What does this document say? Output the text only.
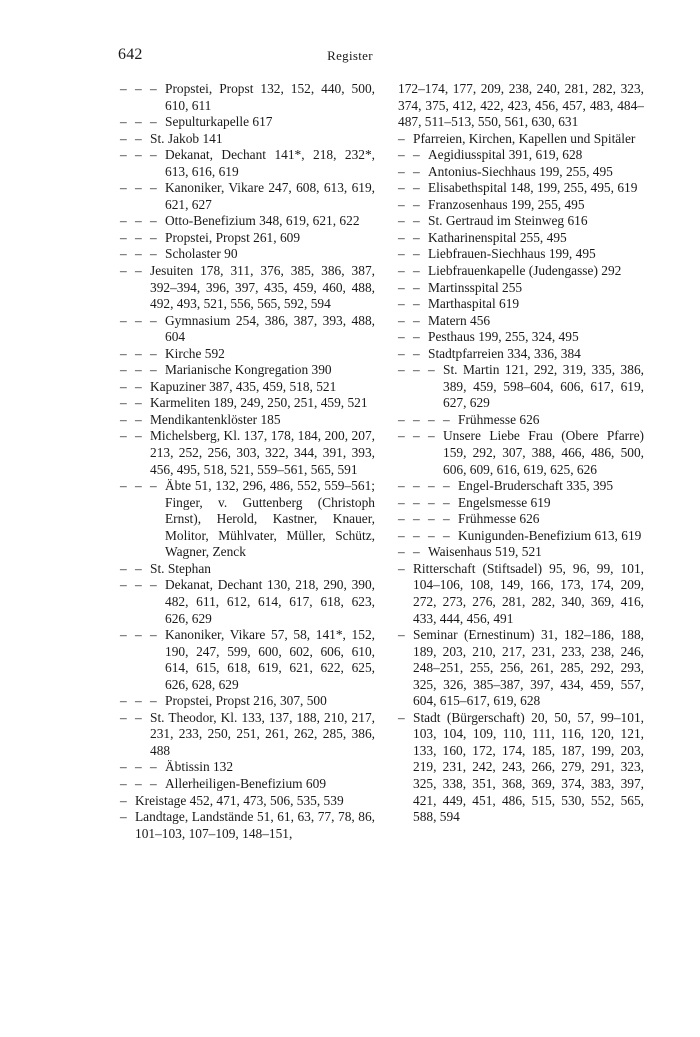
642	Register
– – – Propstei, Propst 132, 152, 440, 500, 610, 611
– – – Sepulturkapelle 617
– – St. Jakob 141
– – – Dekanat, Dechant 141*, 218, 232*, 613, 616, 619
– – – Kanoniker, Vikare 247, 608, 613, 619, 621, 627
– – – Otto-Benefizium 348, 619, 621, 622
– – – Propstei, Propst 261, 609
– – – Scholaster 90
– – Jesuiten 178, 311, 376, 385, 386, 387, 392–394, 396, 397, 435, 459, 460, 488, 492, 493, 521, 556, 565, 592, 594
– – – Gymnasium 254, 386, 387, 393, 488, 604
– – – Kirche 592
– – – Marianische Kongregation 390
– – Kapuziner 387, 435, 459, 518, 521
– – Karmeliten 189, 249, 250, 251, 459, 521
– – Mendikantenklöster 185
– – Michelsberg, Kl. 137, 178, 184, 200, 207, 213, 252, 256, 303, 322, 344, 391, 393, 456, 495, 518, 521, 559–561, 565, 591
– – – Äbte 51, 132, 296, 486, 552, 559–561; Finger, v. Guttenberg (Christoph Ernst), Herold, Kastner, Knauer, Molitor, Mühlvater, Müller, Schütz, Wagner, Zenck
– – St. Stephan
– – – Dekanat, Dechant 130, 218, 290, 390, 482, 611, 612, 614, 617, 618, 623, 626, 629
– – – Kanoniker, Vikare 57, 58, 141*, 152, 190, 247, 599, 600, 602, 606, 610, 614, 615, 618, 619, 621, 622, 625, 626, 628, 629
– – – Propstei, Propst 216, 307, 500
– – St. Theodor, Kl. 133, 137, 188, 210, 217, 231, 233, 250, 251, 261, 262, 285, 386, 488
– – – Äbtissin 132
– – – Allerheiligen-Benefizium 609
– Kreistage 452, 471, 473, 506, 535, 539
– Landtage, Landstände 51, 61, 63, 77, 78, 86, 101–103, 107–109, 148–151,
172–174, 177, 209, 238, 240, 281, 282, 323, 374, 375, 412, 422, 423, 456, 457, 483, 484–487, 511–513, 550, 561, 630, 631
– Pfarreien, Kirchen, Kapellen und Spitäler
– – Aegidiusspital 391, 619, 628
– – Antonius-Siechhaus 199, 255, 495
– – Elisabethspital 148, 199, 255, 495, 619
– – Franzosenhaus 199, 255, 495
– – St. Gertraud im Steinweg 616
– – Katharinenspital 255, 495
– – Liebfrauen-Siechhaus 199, 495
– – Liebfrauenkapelle (Judengasse) 292
– – Martinsspital 255
– – Marthaspital 619
– – Matern 456
– – Pesthaus 199, 255, 324, 495
– – Stadtpfarreien 334, 336, 384
– – – St. Martin 121, 292, 319, 335, 386, 389, 459, 598–604, 606, 617, 619, 627, 629
– – – – Frühmesse 626
– – – Unsere Liebe Frau (Obere Pfarre) 159, 292, 307, 388, 466, 486, 500, 606, 609, 616, 619, 625, 626
– – – – Engel-Bruderschaft 335, 395
– – – – Engelsmesse 619
– – – – Frühmesse 626
– – – – Kunigunden-Benefizium 613, 619
– – Waisenhaus 519, 521
– Ritterschaft (Stiftsadel) 95, 96, 99, 101, 104–106, 108, 149, 166, 173, 174, 209, 272, 273, 276, 281, 282, 340, 369, 416, 433, 444, 456, 491
– Seminar (Ernestinum) 31, 182–186, 188, 189, 203, 210, 217, 231, 233, 238, 246, 248–251, 255, 256, 261, 285, 292, 293, 325, 326, 385–387, 397, 434, 459, 557, 604, 615–617, 619, 628
– Stadt (Bürgerschaft) 20, 50, 57, 99–101, 103, 104, 109, 110, 111, 116, 120, 121, 133, 160, 172, 174, 185, 187, 199, 203, 219, 231, 242, 243, 266, 279, 291, 323, 325, 338, 351, 368, 369, 374, 383, 397, 421, 449, 451, 486, 515, 530, 552, 565, 588, 594
